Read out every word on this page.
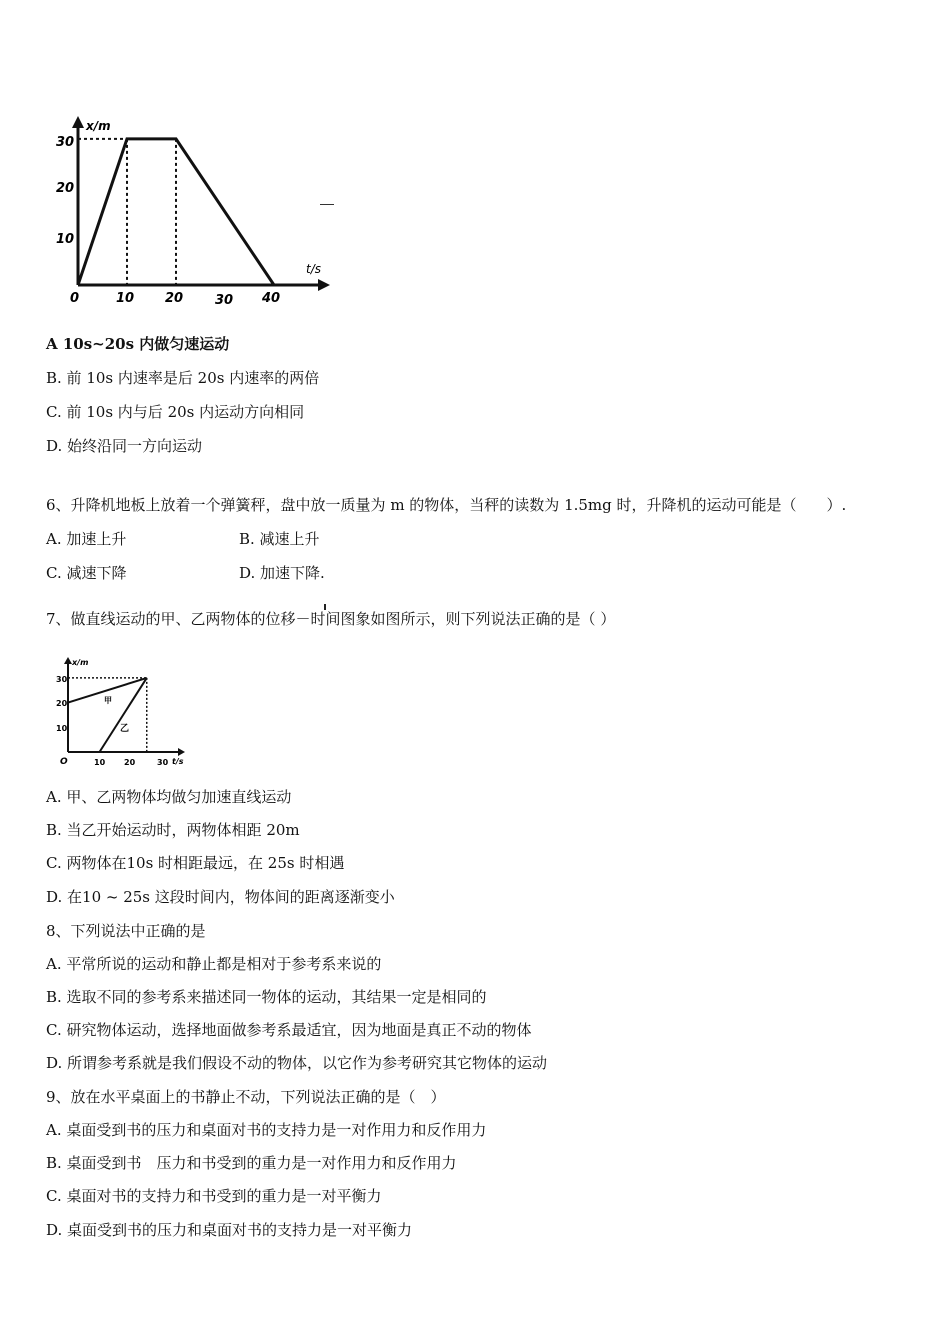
x/m
t/s
30
20
10
0	10 20 30 40
A 10s~20s 内做匀速运动
B. 前 10s 内速率是后 20s 内速率的两倍
C. 前 10s 内与后 20s 内运动方向相同
D. 始终沿同一方向运动
6、升降机地板上放着一个弹簧秤，盘中放一质量为 m 的物体，当秤的读数为 1.5mg 时，升降机的运动可能是（　　）.
A. 加速上升	B. 减速上升
C. 减速下降	D. 加速下降.
7、做直线运动的甲、乙两物体的位移－时间图象如图所示，则下列说法正确的是（ ）
x/m
t/s
30
20
10
O	10 20	30
甲
乙
A. 甲、乙两物体均做匀加速直线运动
B. 当乙开始运动时，两物体相距 20m
C. 两物体在10s 时相距最远，在 25s 时相遇
D. 在10 ~ 25s 这段时间内，物体间的距离逐渐变小
8、下列说法中正确的是
A. 平常所说的运动和静止都是相对于参考系来说的
B. 选取不同的参考系来描述同一物体的运动，其结果一定是相同的
C. 研究物体运动，选择地面做参考系最适宜，因为地面是真正不动的物体
D. 所谓参考系就是我们假设不动的物体，以它作为参考研究其它物体的运动
9、放在水平桌面上的书静止不动，下列说法正确的是（　）
A. 桌面受到书的压力和桌面对书的支持力是一对作用力和反作用力
B. 桌面受到书　压力和书受到的重力是一对作用力和反作用力
C. 桌面对书的支持力和书受到的重力是一对平衡力
D. 桌面受到书的压力和桌面对书的支持力是一对平衡力
